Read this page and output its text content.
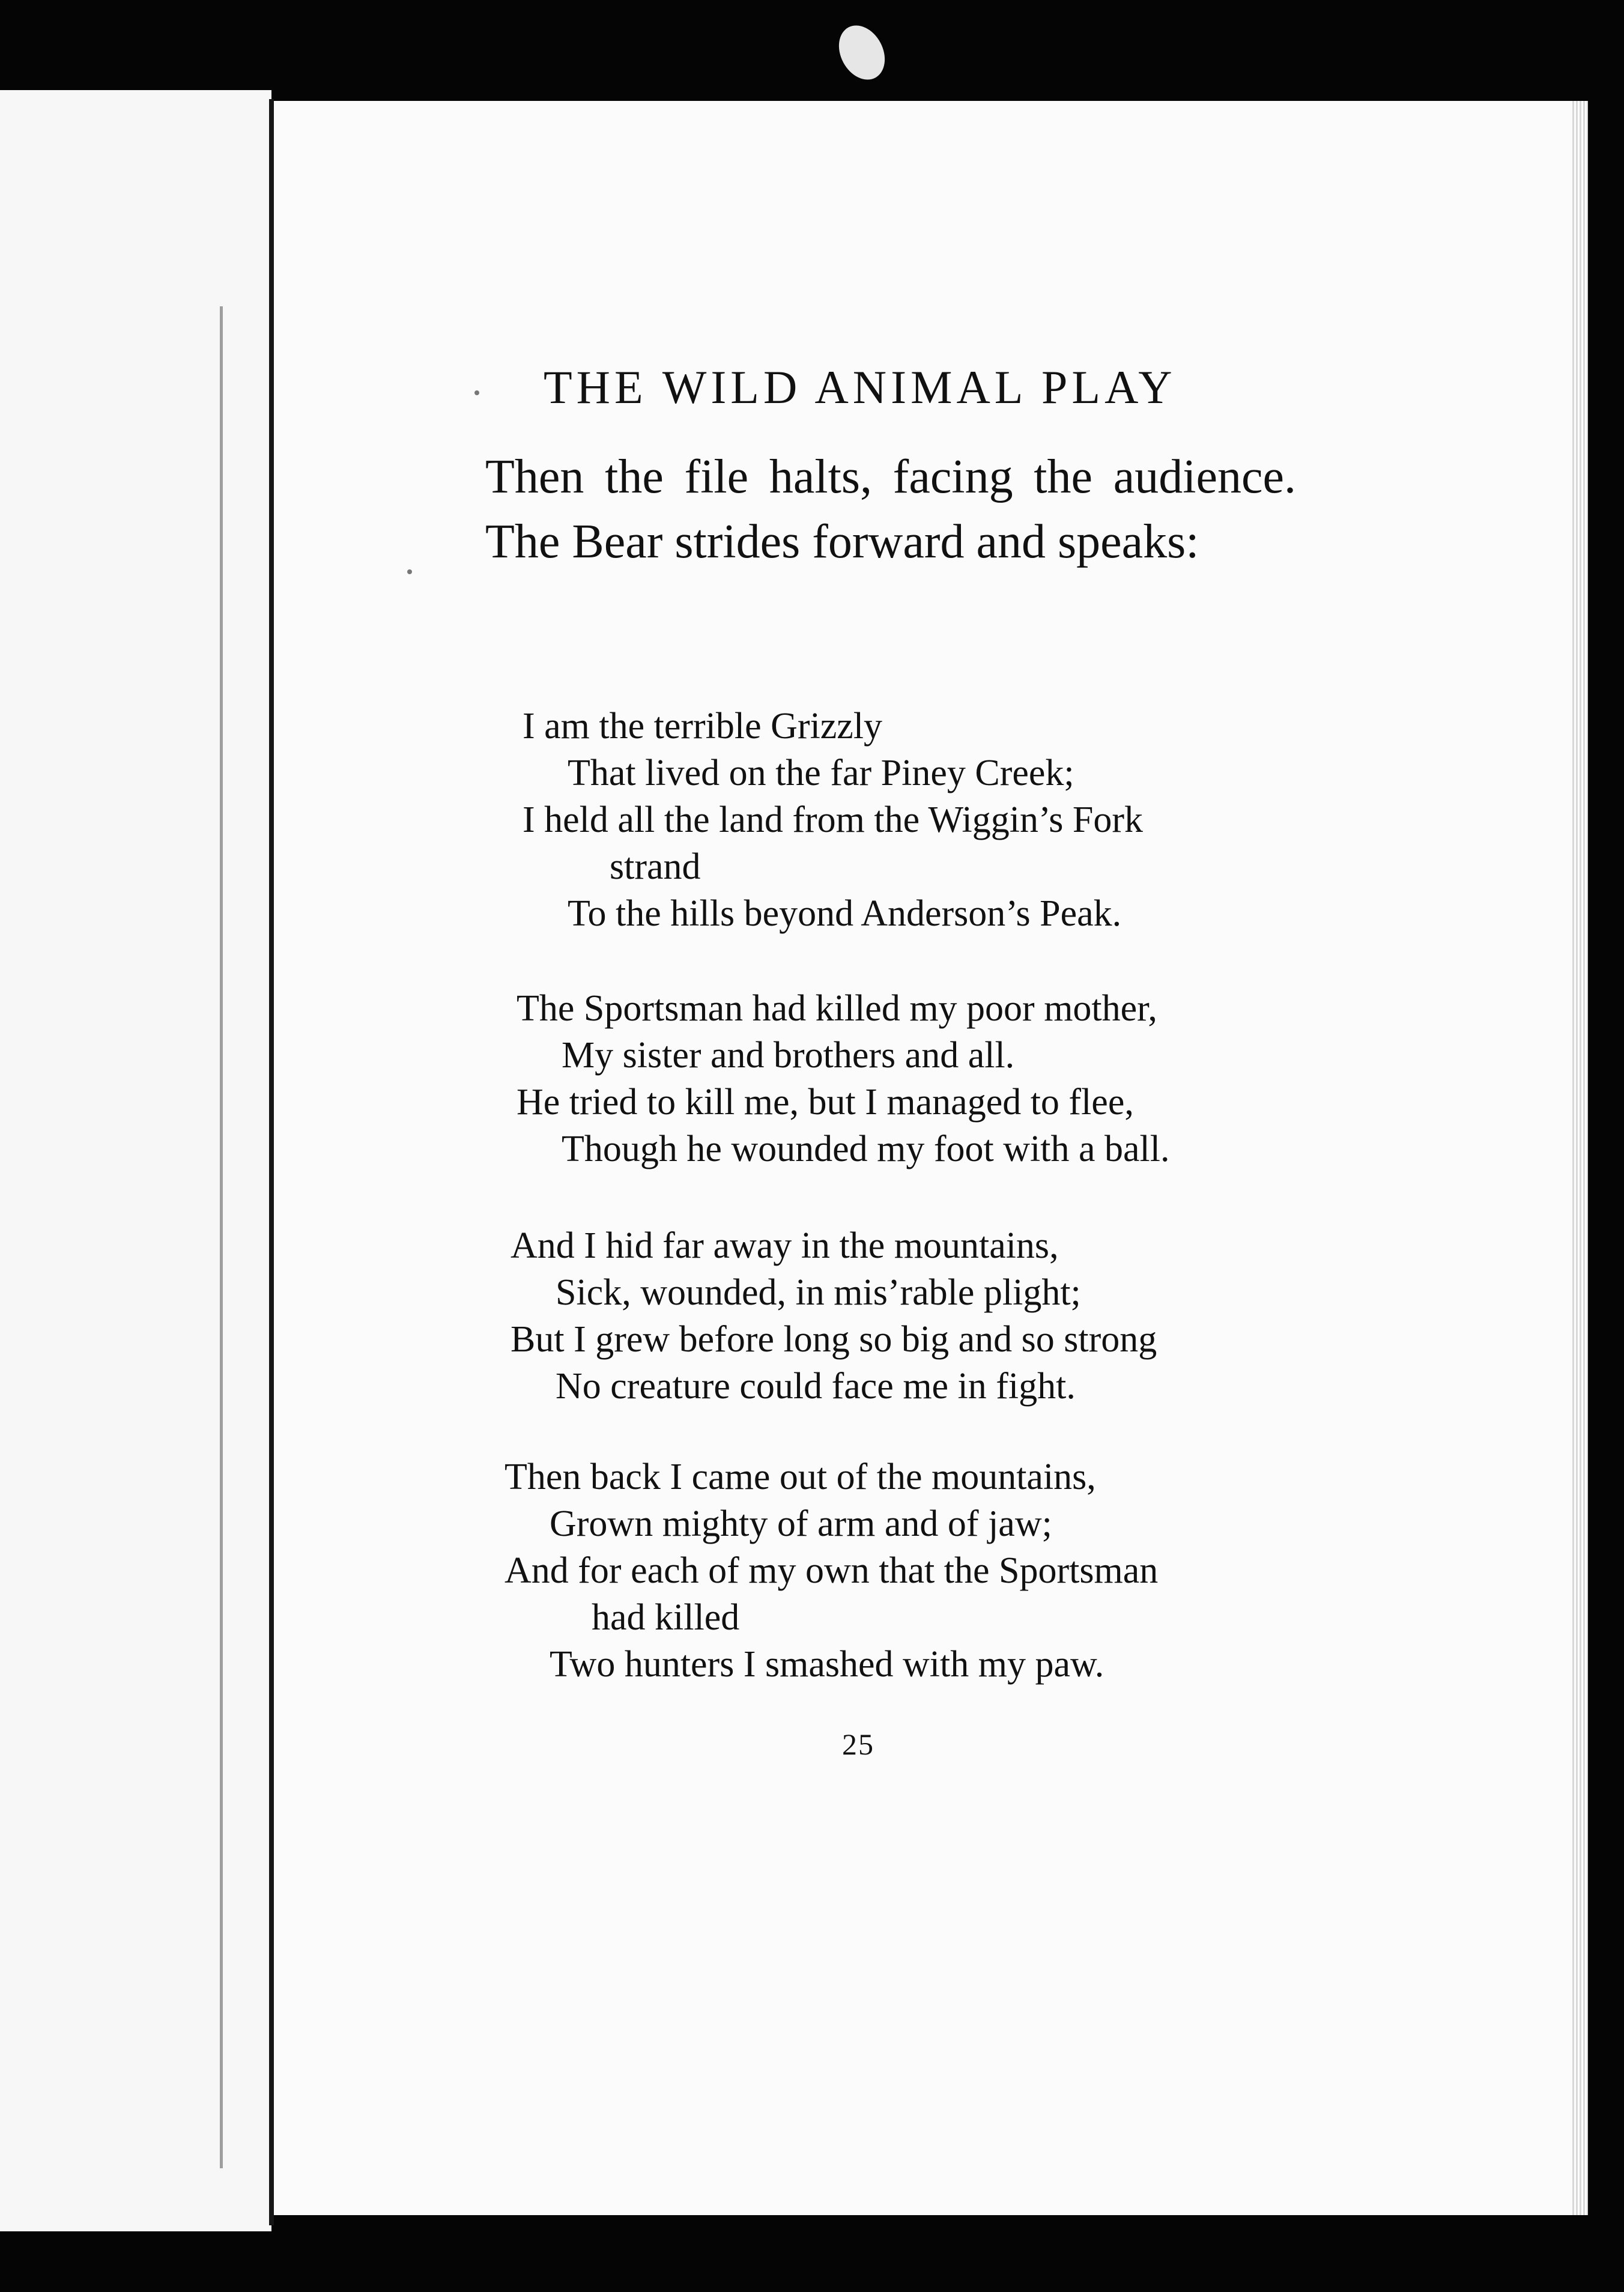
THE WILD ANIMAL PLAY

Then the file halts, facing the audience. The Bear strides forward and speaks:

I am the terrible Grizzly
That lived on the far Piney Creek;
I held all the land from the Wiggin’s Fork
strand
To the hills beyond Anderson’s Peak.
The Sportsman had killed my poor mother,
My sister and brothers and all.
He tried to kill me, but I managed to flee,
Though he wounded my foot with a ball.
And I hid far away in the mountains,
Sick, wounded, in mis’rable plight;
But I grew before long so big and so strong
No creature could face me in fight.
Then back I came out of the mountains,
Grown mighty of arm and of jaw;
And for each of my own that the Sportsman
had killed
Two hunters I smashed with my paw.
25
